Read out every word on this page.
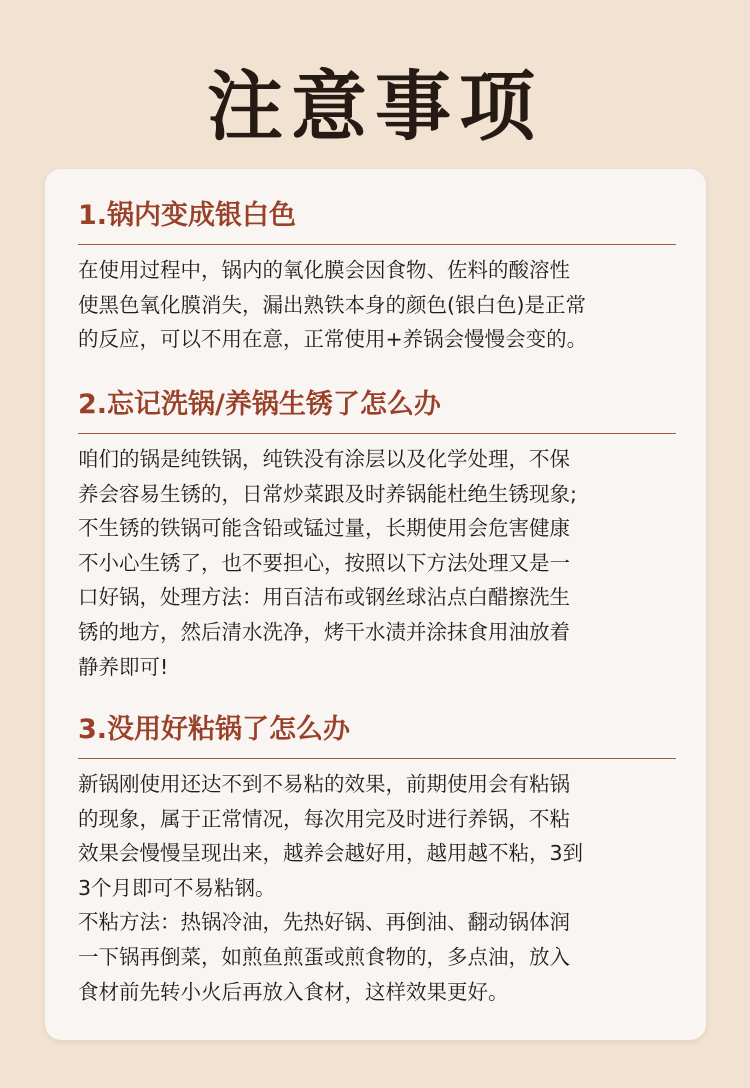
注意事项
1.锅内变成银白色
在使用过程中，锅内的氧化膜会因食物、佐料的酸溶性
使黑色氧化膜消失，漏出熟铁本身的颜色(银白色)是正常
的反应，可以不用在意，正常使用+养锅会慢慢会变的。
2.忘记洗锅/养锅生锈了怎么办
咱们的锅是纯铁锅，纯铁没有涂层以及化学处理，不保
养会容易生锈的，日常炒菜跟及时养锅能杜绝生锈现象;
不生锈的铁锅可能含铅或锰过量，长期使用会危害健康
不小心生锈了，也不要担心，按照以下方法处理又是一
口好锅，处理方法：用百洁布或钢丝球沾点白醋擦洗生
锈的地方，然后清水洗净，烤干水渍并涂抹食用油放着
静养即可!
3.没用好粘锅了怎么办
新锅刚使用还达不到不易粘的效果，前期使用会有粘锅
的现象，属于正常情况，每次用完及时进行养锅，不粘
效果会慢慢呈现出来，越养会越好用，越用越不粘，3到
3个月即可不易粘钢。
不粘方法：热锅冷油，先热好锅、再倒油、翻动锅体润
一下锅再倒菜，如煎鱼煎蛋或煎食物的，多点油，放入
食材前先转小火后再放入食材，这样效果更好。
